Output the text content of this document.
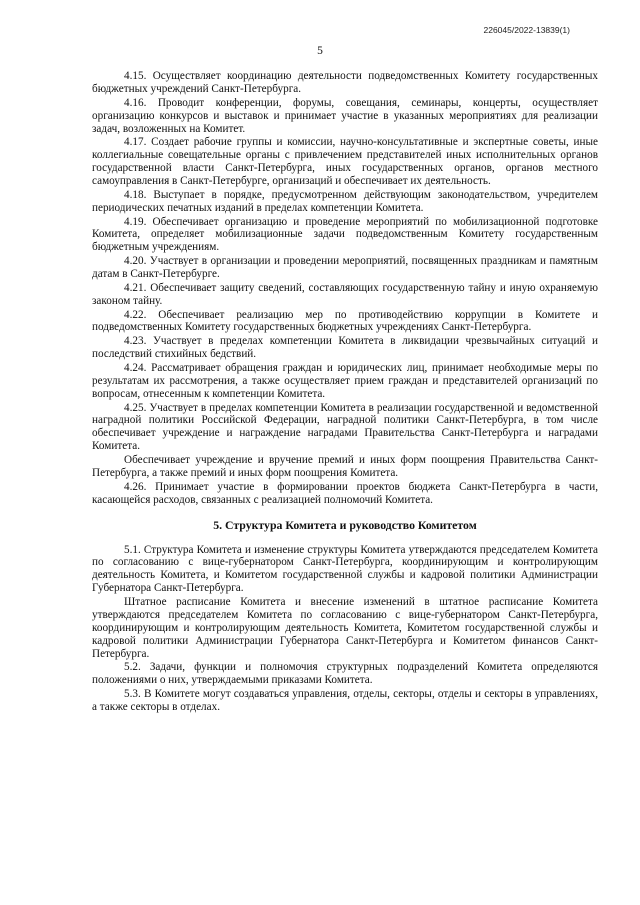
226045/2022-13839(1)
5

4.15. Осуществляет координацию деятельности подведомственных Комитету государственных бюджетных учреждений Санкт-Петербурга.

4.16. Проводит конференции, форумы, совещания, семинары, концерты, осуществляет организацию конкурсов и выставок и принимает участие в указанных мероприятиях для реализации задач, возложенных на Комитет.

4.17. Создает рабочие группы и комиссии, научно-консультативные и экспертные советы, иные коллегиальные совещательные органы с привлечением представителей иных исполнительных органов государственной власти Санкт-Петербурга, иных государственных органов, органов местного самоуправления в Санкт-Петербурге, организаций и обеспечивает их деятельность.

4.18. Выступает в порядке, предусмотренном действующим законодательством, учредителем периодических печатных изданий в пределах компетенции Комитета.

4.19. Обеспечивает организацию и проведение мероприятий по мобилизационной подготовке Комитета, определяет мобилизационные задачи подведомственным Комитету государственным бюджетным учреждениям.

4.20. Участвует в организации и проведении мероприятий, посвященных праздникам и памятным датам в Санкт-Петербурге.

4.21. Обеспечивает защиту сведений, составляющих государственную тайну и иную охраняемую законом тайну.

4.22. Обеспечивает реализацию мер по противодействию коррупции в Комитете и подведомственных Комитету государственных бюджетных учреждениях Санкт-Петербурга.

4.23. Участвует в пределах компетенции Комитета в ликвидации чрезвычайных ситуаций и последствий стихийных бедствий.

4.24. Рассматривает обращения граждан и юридических лиц, принимает необходимые меры по результатам их рассмотрения, а также осуществляет прием граждан и представителей организаций по вопросам, отнесенным к компетенции Комитета.

4.25. Участвует в пределах компетенции Комитета в реализации государственной и ведомственной наградной политики Российской Федерации, наградной политики Санкт-Петербурга, в том числе обеспечивает учреждение и награждение наградами Правительства Санкт-Петербурга и наградами Комитета.

Обеспечивает учреждение и вручение премий и иных форм поощрения Правительства Санкт-Петербурга, а также премий и иных форм поощрения Комитета.

4.26. Принимает участие в формировании проектов бюджета Санкт-Петербурга в части, касающейся расходов, связанных с реализацией полномочий Комитета.

5. Структура Комитета и руководство Комитетом

5.1. Структура Комитета и изменение структуры Комитета утверждаются председателем Комитета по согласованию с вице-губернатором Санкт-Петербурга, координирующим и контролирующим деятельность Комитета, и Комитетом государственной службы и кадровой политики Администрации Губернатора Санкт-Петербурга.

Штатное расписание Комитета и внесение изменений в штатное расписание Комитета утверждаются председателем Комитета по согласованию с вице-губернатором Санкт-Петербурга, координирующим и контролирующим деятельность Комитета, Комитетом государственной службы и кадровой политики Администрации Губернатора Санкт-Петербурга и Комитетом финансов Санкт-Петербурга.

5.2. Задачи, функции и полномочия структурных подразделений Комитета определяются положениями о них, утверждаемыми приказами Комитета.

5.3. В Комитете могут создаваться управления, отделы, секторы, отделы и секторы в управлениях, а также секторы в отделах.
